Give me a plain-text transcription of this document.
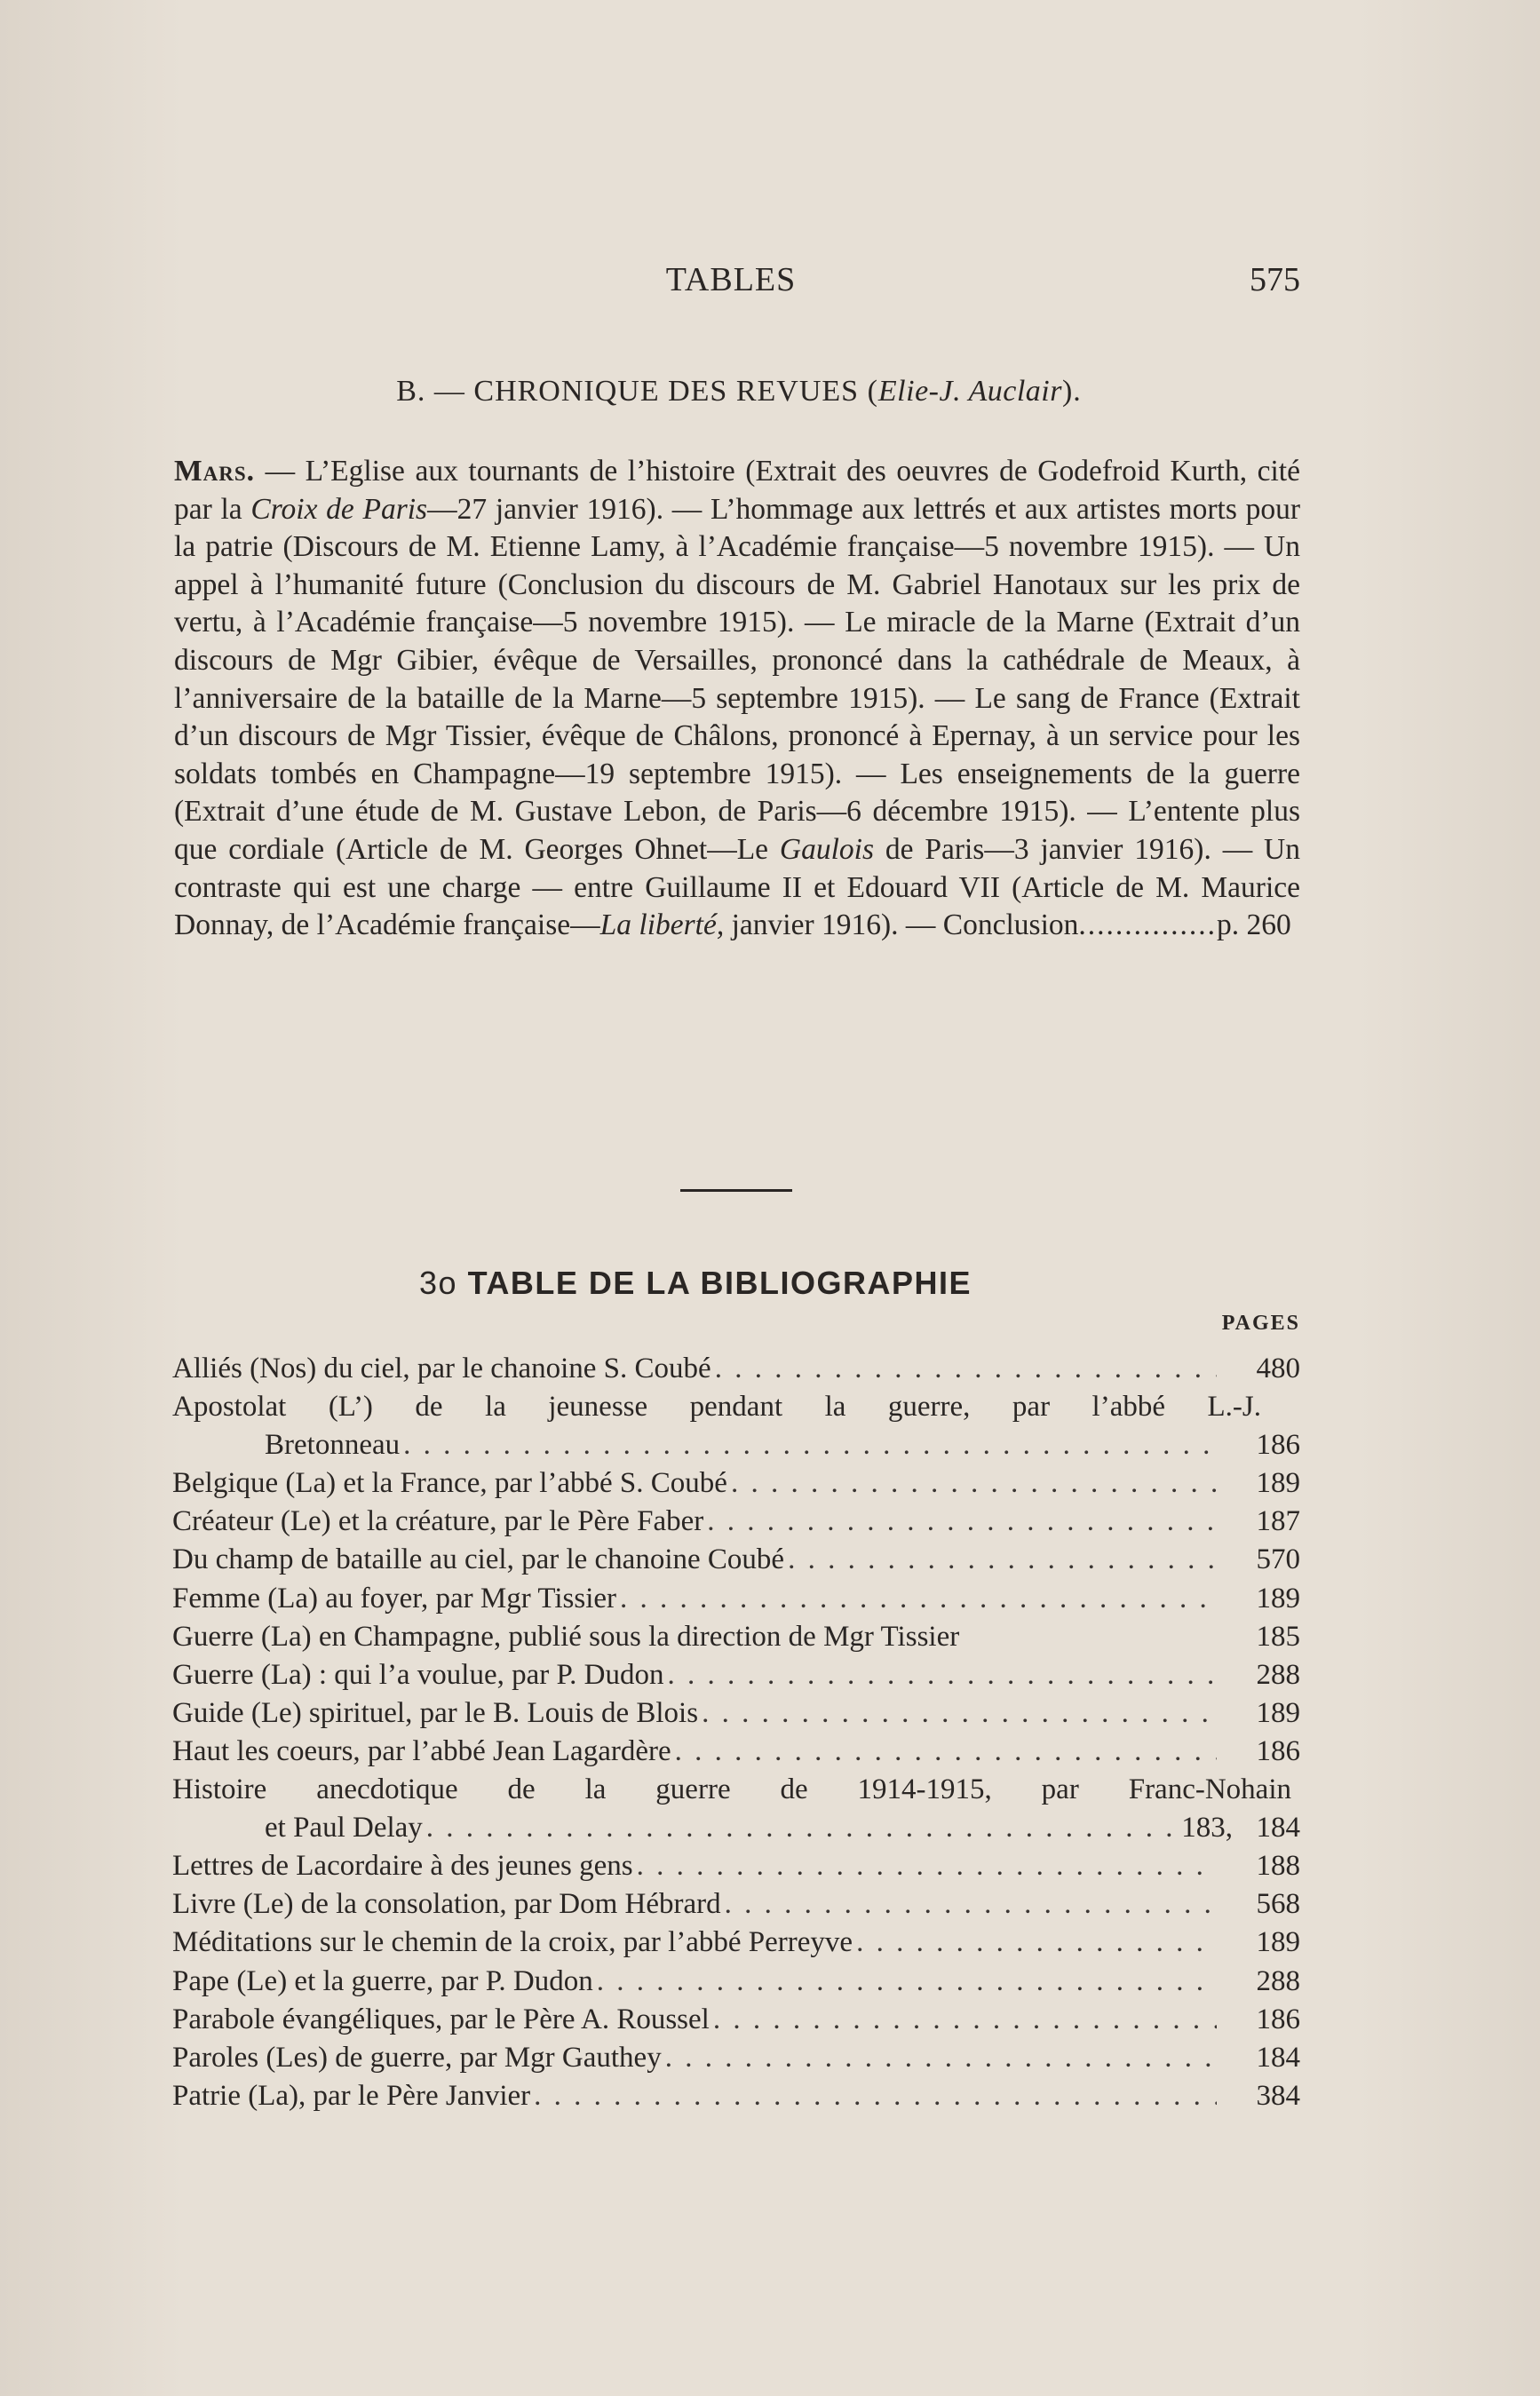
TABLES	575
B. — CHRONIQUE DES REVUES (Elie-J. Auclair).

Mars. — L’Eglise aux tournants de l’histoire (Extrait des oeuvres de Godefroid Kurth, cité par la Croix de Paris—27 janvier 1916). — L’hommage aux lettrés et aux artistes morts pour la patrie (Discours de M. Etienne Lamy, à l’Académie française—5 novembre 1915). — Un appel à l’humanité future (Conclusion du discours de M. Gabriel Hanotaux sur les prix de vertu, à l’Académie française—5 novembre 1915). — Le miracle de la Marne (Extrait d’un discours de Mgr Gibier, évêque de Versailles, prononcé dans la cathédrale de Meaux, à l’anniversaire de la bataille de la Marne—5 septembre 1915). — Le sang de France (Extrait d’un discours de Mgr Tissier, évêque de Châlons, prononcé à Epernay, à un service pour les soldats tombés en Champagne—19 septembre 1915). — Les enseignements de la guerre (Extrait d’une étude de M. Gustave Lebon, de Paris—6 décembre 1915). — L’entente plus que cordiale (Article de M. Georges Ohnet—Le Gaulois de Paris—3 janvier 1916). — Un contraste qui est une charge — entre Guillaume II et Edouard VII (Article de M. Maurice Donnay, de l’Académie française—La liberté, janvier 1916). — Conclusion...............p. 260

3o TABLE DE LA BIBLIOGRAPHIE
PAGES
Alliés (Nos) du ciel, par le chanoine S. Coubé . . .	480
Apostolat (L’) de la jeunesse pendant la guerre, par l’abbé L.-J.
Bretonneau . . .	186
Belgique (La) et la France, par l’abbé S. Coubé . . .	189
Créateur (Le) et la créature, par le Père Faber . . .	187
Du champ de bataille au ciel, par le chanoine Coubé . . .	570
Femme (La) au foyer, par Mgr Tissier . . .	189
Guerre (La) en Champagne, publié sous la direction de Mgr Tissier	185
Guerre (La) : qui l’a voulue, par P. Dudon . . .	288
Guide (Le) spirituel, par le B. Louis de Blois . . .	189
Haut les coeurs, par l’abbé Jean Lagardère . . .	186
Histoire anecdotique de la guerre de 1914-1915, par Franc-Nohain
et Paul Delay . . .	183, 184
Lettres de Lacordaire à des jeunes gens . . .	188
Livre (Le) de la consolation, par Dom Hébrard . . .	568
Méditations sur le chemin de la croix, par l’abbé Perreyve . . .	189
Pape (Le) et la guerre, par P. Dudon . . .	288
Parabole évangéliques, par le Père A. Roussel . . .	186
Paroles (Les) de guerre, par Mgr Gauthey . . .	184
Patrie (La), par le Père Janvier . . .	384
